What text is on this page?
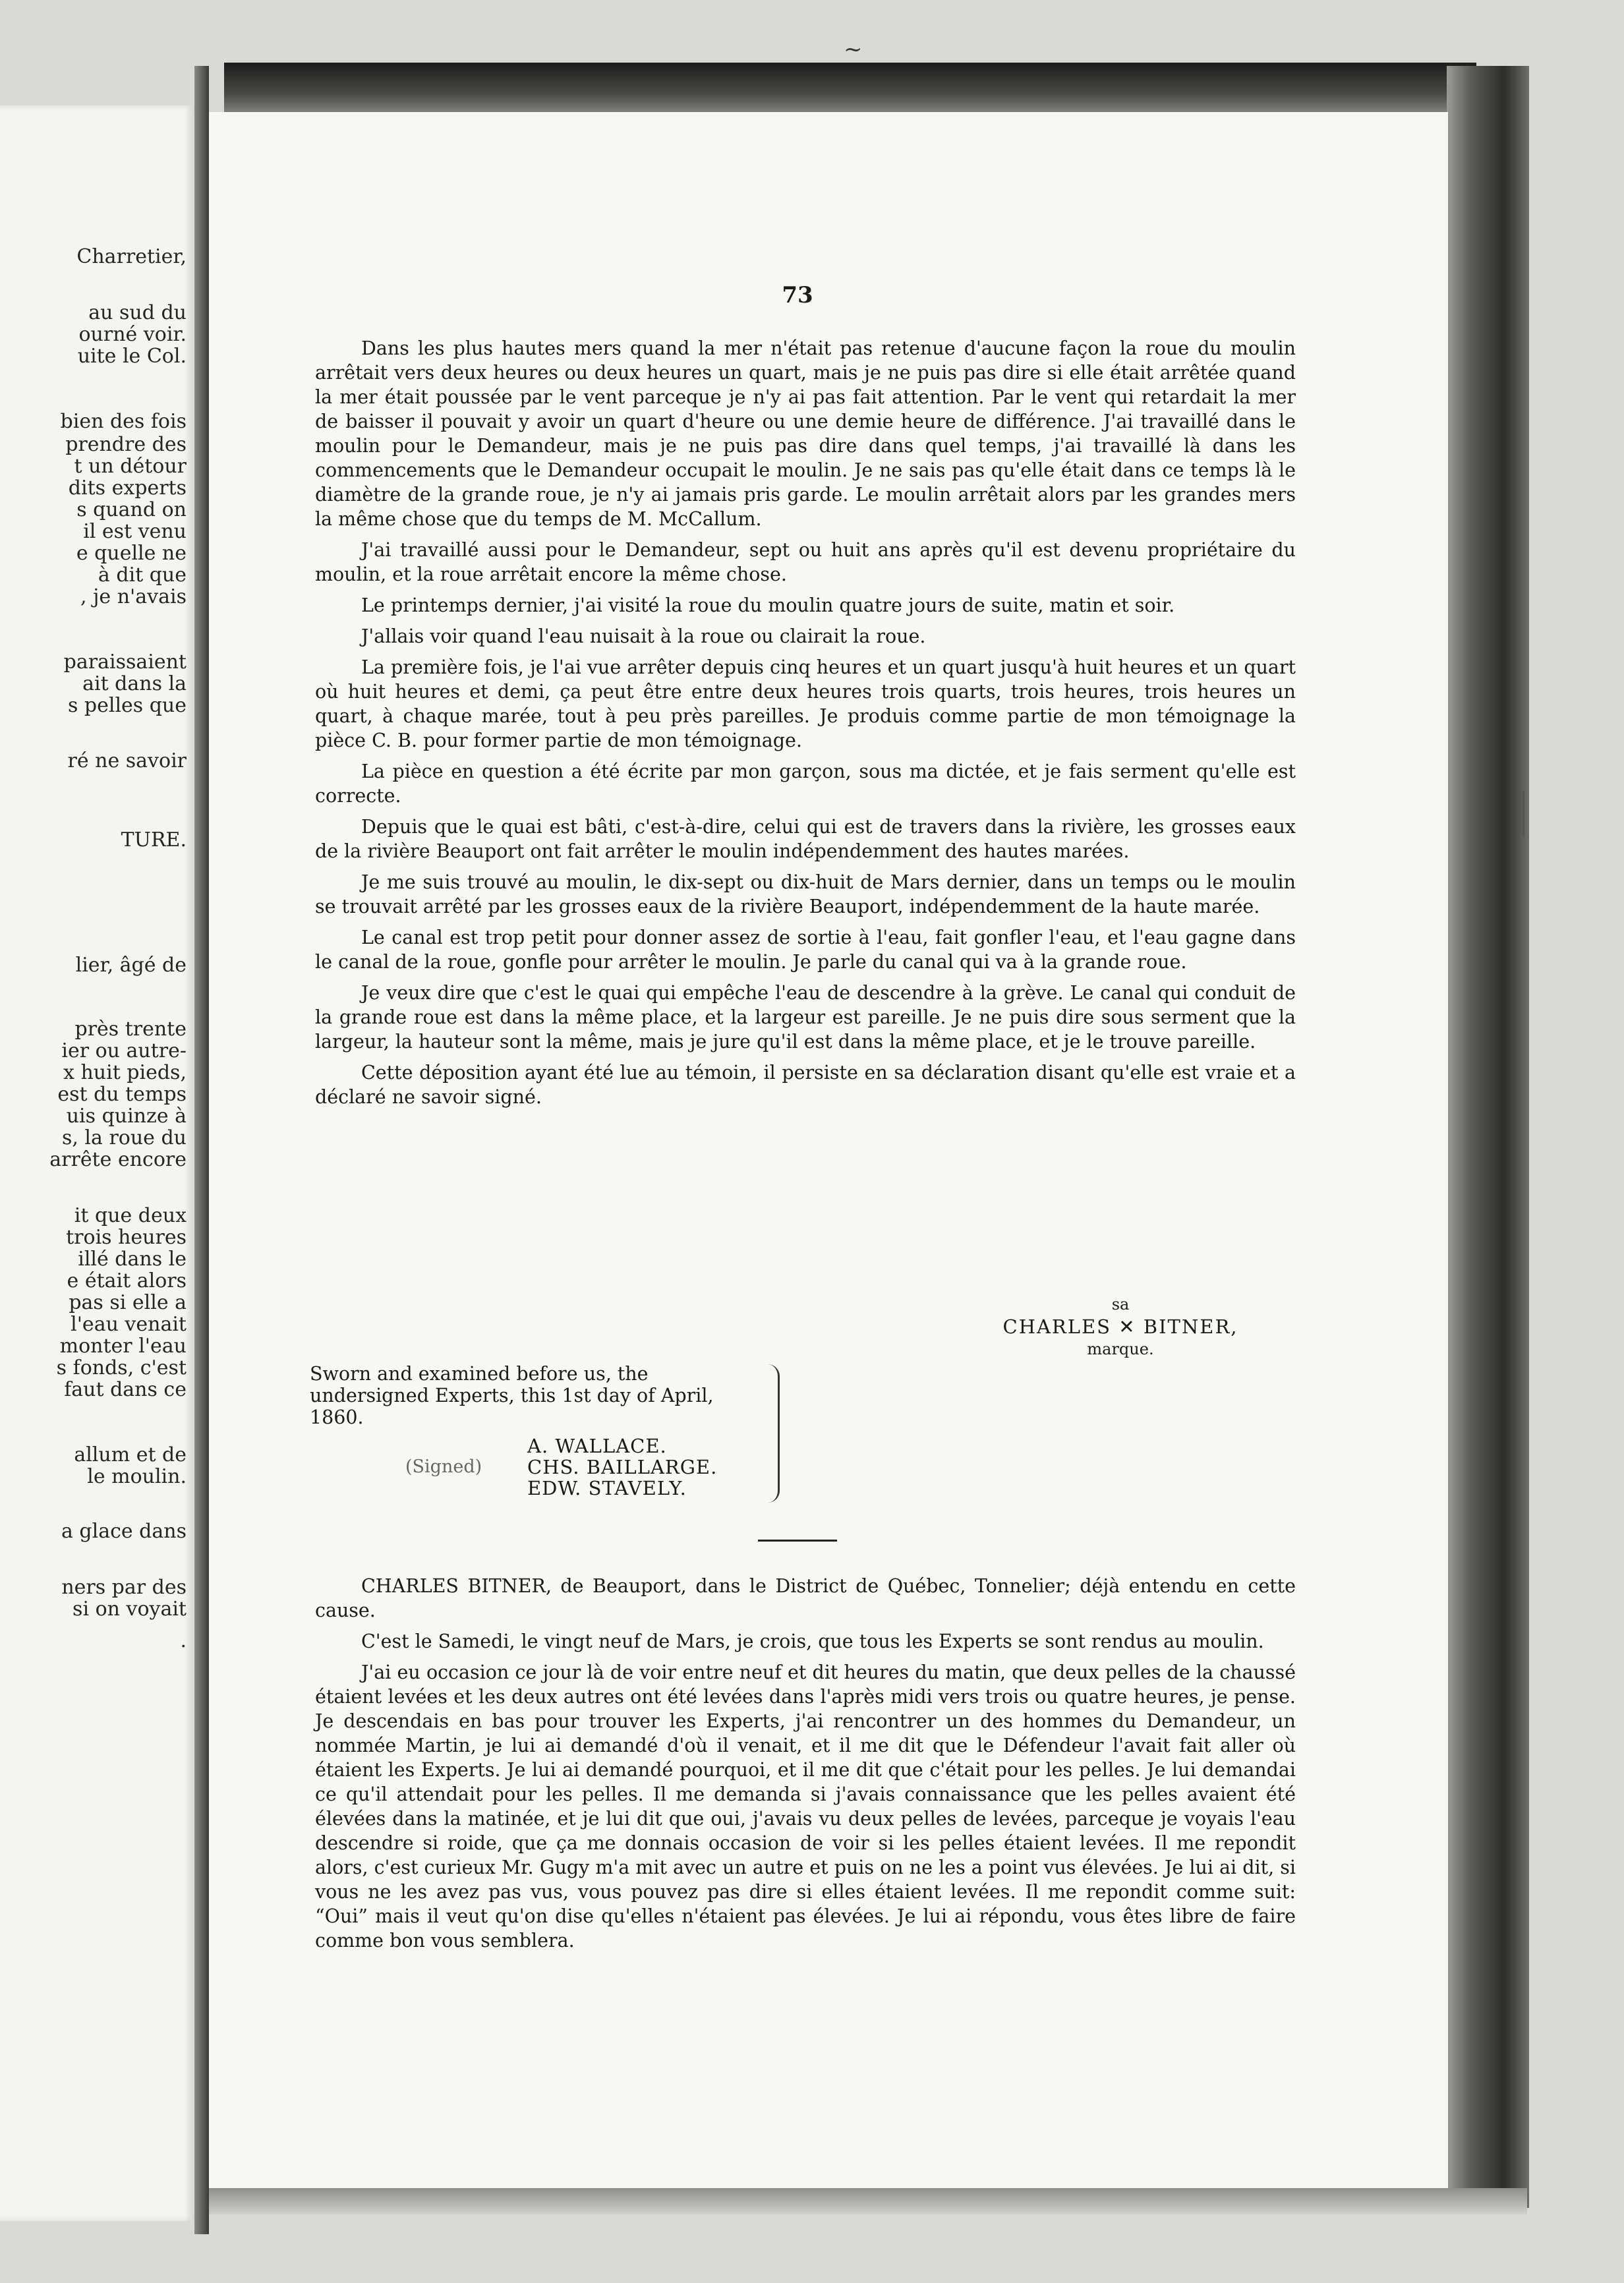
~
Charretier,
au sud du
ourné voir.
uite le Col.
bien des fois
prendre des
t un détour
dits experts
s quand on
il est venu
e quelle ne
à dit que
, je n'avais
paraissaient
ait dans la
s pelles que
ré ne savoir
TURE.
lier, âgé de
près trente
ier ou autre-
x huit pieds,
est du temps
uis quinze à
s, la roue du
arrête encore
it que deux
trois heures
illé dans le
e était alors
pas si elle a
l'eau venait
monter l'eau
s fonds, c'est
faut dans ce
allum et de
le moulin.
a glace dans
ners par des
si on voyait
.
73

Dans les plus hautes mers quand la mer n'était pas retenue d'aucune façon la roue du moulin arrêtait vers deux heures ou deux heures un quart, mais je ne puis pas dire si elle était arrêtée quand la mer était poussée par le vent parceque je n'y ai pas fait attention. Par le vent qui retardait la mer de baisser il pouvait y avoir un quart d'heure ou une demie heure de différence. J'ai travaillé dans le moulin pour le Demandeur, mais je ne puis pas dire dans quel temps, j'ai travaillé là dans les commencements que le Demandeur occupait le moulin. Je ne sais pas qu'elle était dans ce temps là le diamètre de la grande roue, je n'y ai jamais pris garde. Le moulin arrêtait alors par les grandes mers la même chose que du temps de M. McCallum.

J'ai travaillé aussi pour le Demandeur, sept ou huit ans après qu'il est devenu propriétaire du moulin, et la roue arrêtait encore la même chose.

Le printemps dernier, j'ai visité la roue du moulin quatre jours de suite, matin et soir.

J'allais voir quand l'eau nuisait à la roue ou clairait la roue.

La première fois, je l'ai vue arrêter depuis cinq heures et un quart jusqu'à huit heures et un quart où huit heures et demi, ça peut être entre deux heures trois quarts, trois heures, trois heures un quart, à chaque marée, tout à peu près pareilles. Je produis comme partie de mon témoignage la pièce C. B. pour former partie de mon témoignage.

La pièce en question a été écrite par mon garçon, sous ma dictée, et je fais serment qu'elle est correcte.

Depuis que le quai est bâti, c'est-à-dire, celui qui est de travers dans la rivière, les grosses eaux de la rivière Beauport ont fait arrêter le moulin indépendemment des hautes marées.

Je me suis trouvé au moulin, le dix-sept ou dix-huit de Mars dernier, dans un temps ou le moulin se trouvait arrêté par les grosses eaux de la rivière Beauport, indépendemment de la haute marée.

Le canal est trop petit pour donner assez de sortie à l'eau, fait gonfler l'eau, et l'eau gagne dans le canal de la roue, gonfle pour arrêter le moulin. Je parle du canal qui va à la grande roue.

Je veux dire que c'est le quai qui empêche l'eau de descendre à la grève. Le canal qui conduit de la grande roue est dans la même place, et la largeur est pareille. Je ne puis dire sous serment que la largeur, la hauteur sont la même, mais je jure qu'il est dans la même place, et je le trouve pareille.

Cette déposition ayant été lue au témoin, il persiste en sa déclaration disant qu'elle est vraie et a déclaré ne savoir signé.

sa
CHARLES ✕ BITNER,
marque.
Sworn and examined before us, the undersigned Experts, this 1st day of April, 1860.
(Signed)
A. WALLACE.
CHS. BAILLARGE.
EDW. STAVELY.

CHARLES BITNER, de Beauport, dans le District de Québec, Tonnelier; déjà entendu en cette cause.

C'est le Samedi, le vingt neuf de Mars, je crois, que tous les Experts se sont rendus au moulin.

J'ai eu occasion ce jour là de voir entre neuf et dit heures du matin, que deux pelles de la chaussé étaient levées et les deux autres ont été levées dans l'après midi vers trois ou quatre heures, je pense. Je descendais en bas pour trouver les Experts, j'ai rencontrer un des hommes du Demandeur, un nommée Martin, je lui ai demandé d'où il venait, et il me dit que le Défendeur l'avait fait aller où étaient les Experts. Je lui ai demandé pourquoi, et il me dit que c'était pour les pelles. Je lui demandai ce qu'il attendait pour les pelles. Il me demanda si j'avais connaissance que les pelles avaient été élevées dans la matinée, et je lui dit que oui, j'avais vu deux pelles de levées, parceque je voyais l'eau descendre si roide, que ça me donnais occasion de voir si les pelles étaient levées. Il me repondit alors, c'est curieux Mr. Gugy m'a mit avec un autre et puis on ne les a point vus élevées. Je lui ai dit, si vous ne les avez pas vus, vous pouvez pas dire si elles étaient levées. Il me repondit comme suit: “Oui” mais il veut qu'on dise qu'elles n'étaient pas élevées. Je lui ai répondu, vous êtes libre de faire comme bon vous semblera.
